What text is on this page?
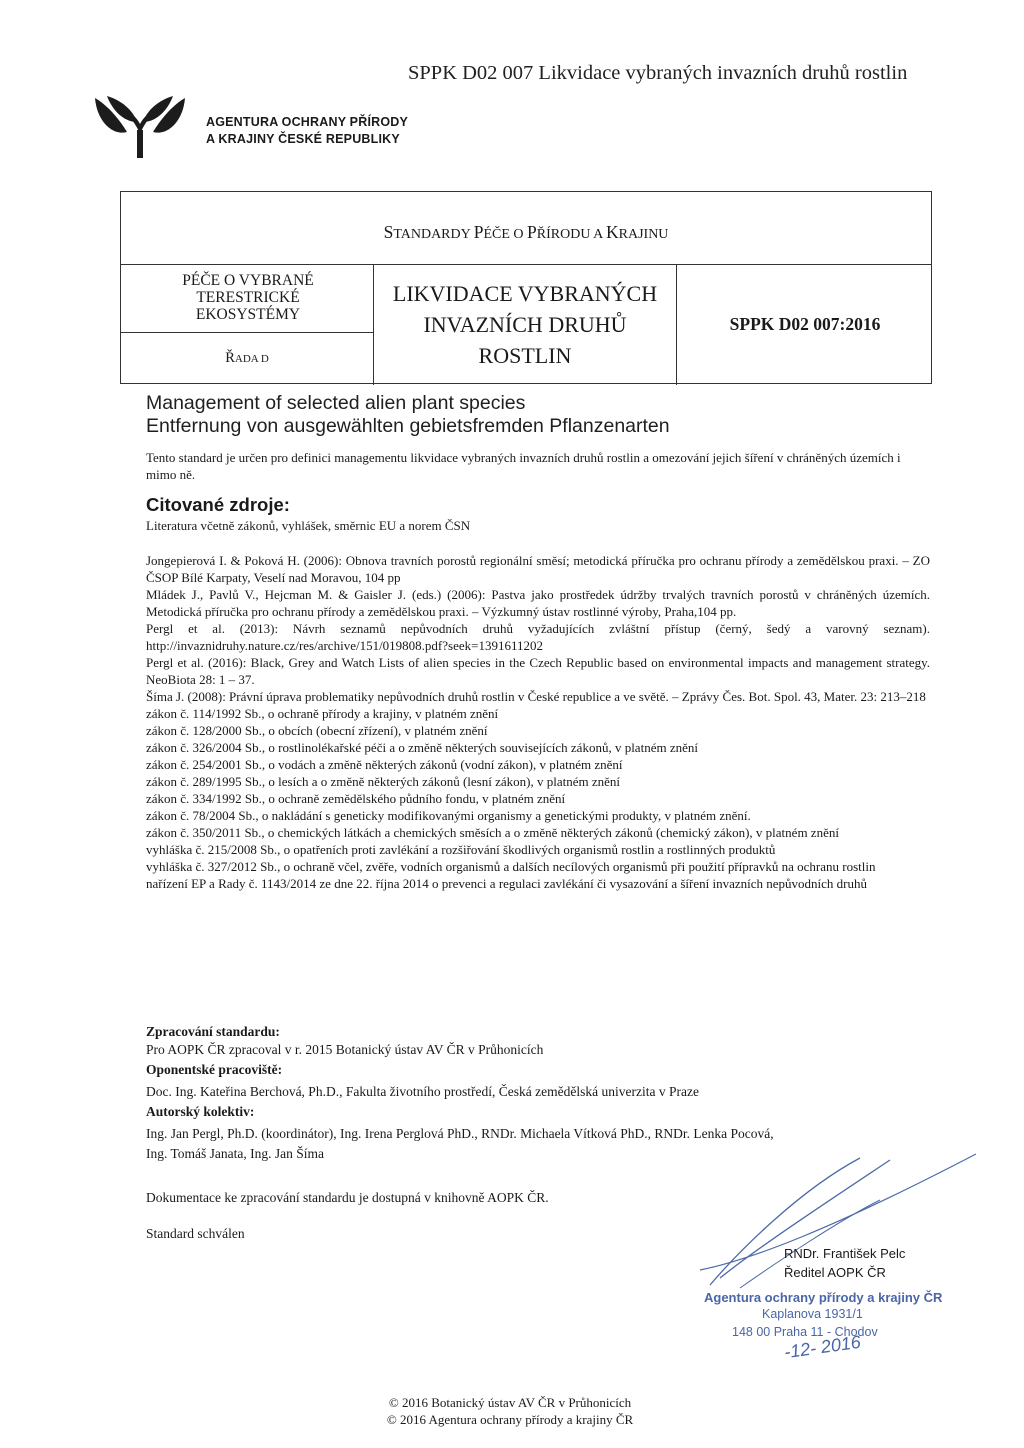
SPPK D02 007 Likvidace vybraných invazních druhů rostlin
AGENTURA OCHRANY PŘÍRODY
A KRAJINY ČESKÉ REPUBLIKY
STANDARDY PÉČE O PŘÍRODU A KRAJINU
PÉČE O VYBRANÉ
TERESTRICKÉ
EKOSYSTÉMY
ŘADA D
LIKVIDACE VYBRANÝCH
INVAZNÍCH DRUHŮ
ROSTLIN
SPPK D02 007:2016
Management of selected alien plant species
Entfernung von ausgewählten gebietsfremden Pflanzenarten
Tento standard je určen pro definici managementu likvidace vybraných invazních druhů rostlin a omezování jejich šíření v chráněných územích i mimo ně.
Citované zdroje:
Literatura včetně zákonů, vyhlášek, směrnic EU a norem ČSN
Jongepierová I. & Poková H. (2006): Obnova travních porostů regionální směsí; metodická příručka pro ochranu přírody a zemědělskou praxi. – ZO ČSOP Bílé Karpaty, Veselí nad Moravou, 104 pp
Mládek J., Pavlů V., Hejcman M. & Gaisler J. (eds.) (2006): Pastva jako prostředek údržby trvalých travních porostů v chráněných územích. Metodická příručka pro ochranu přírody a zemědělskou praxi. – Výzkumný ústav rostlinné výroby, Praha,104 pp.
Pergl et al. (2013): Návrh seznamů nepůvodních druhů vyžadujících zvláštní přístup (černý, šedý a varovný seznam). http://invaznidruhy.nature.cz/res/archive/151/019808.pdf?seek=1391611202
Pergl et al. (2016): Black, Grey and Watch Lists of alien species in the Czech Republic based on environmental impacts and management strategy. NeoBiota 28: 1 – 37.
Šíma J. (2008): Právní úprava problematiky nepůvodních druhů rostlin v České republice a ve světě. – Zprávy Čes. Bot. Spol. 43, Mater. 23: 213–218
zákon č. 114/1992 Sb., o ochraně přírody a krajiny, v platném znění
zákon č. 128/2000 Sb., o obcích (obecní zřízení), v platném znění
zákon č. 326/2004 Sb., o rostlinolékařské péči a o změně některých souvisejících zákonů, v platném znění
zákon č. 254/2001 Sb., o vodách a změně některých zákonů (vodní zákon), v platném znění
zákon č. 289/1995 Sb., o lesích a o změně některých zákonů (lesní zákon), v platném znění
zákon č. 334/1992 Sb., o ochraně zemědělského půdního fondu, v platném znění
zákon č. 78/2004 Sb., o nakládání s geneticky modifikovanými organismy a genetickými produkty, v platném znění.
zákon č. 350/2011 Sb., o chemických látkách a chemických směsích a o změně některých zákonů (chemický zákon), v platném znění
vyhláška č. 215/2008 Sb., o opatřeních proti zavlékání a rozšiřování škodlivých organismů rostlin a rostlinných produktů
vyhláška č. 327/2012 Sb., o ochraně včel, zvěře, vodních organismů a dalších necílových organismů při použití přípravků na ochranu rostlin
nařízení EP a Rady č. 1143/2014 ze dne 22. října 2014 o prevenci a regulaci zavlékání či vysazování a šíření invazních nepůvodních druhů
Zpracování standardu:
Pro AOPK ČR zpracoval v r. 2015 Botanický ústav AV ČR v Průhonicích
Oponentské pracoviště:
Doc. Ing. Kateřina Berchová, Ph.D., Fakulta životního prostředí, Česká zemědělská univerzita v Praze
Autorský kolektiv:
Ing. Jan Pergl, Ph.D. (koordinátor), Ing. Irena Perglová PhD., RNDr. Michaela Vítková PhD., RNDr. Lenka Pocová,
Ing. Tomáš Janata, Ing. Jan Šíma
Dokumentace ke zpracování standardu je dostupná v knihovně AOPK ČR.
Standard schválen
RNDr. František Pelc
Ředitel AOPK ČR
Agentura ochrany přírody a krajiny ČR
Kaplanova 1931/1
148 00 Praha 11 - Chodov
-12- 2016
© 2016 Botanický ústav AV ČR v Průhonicích
© 2016 Agentura ochrany přírody a krajiny ČR
